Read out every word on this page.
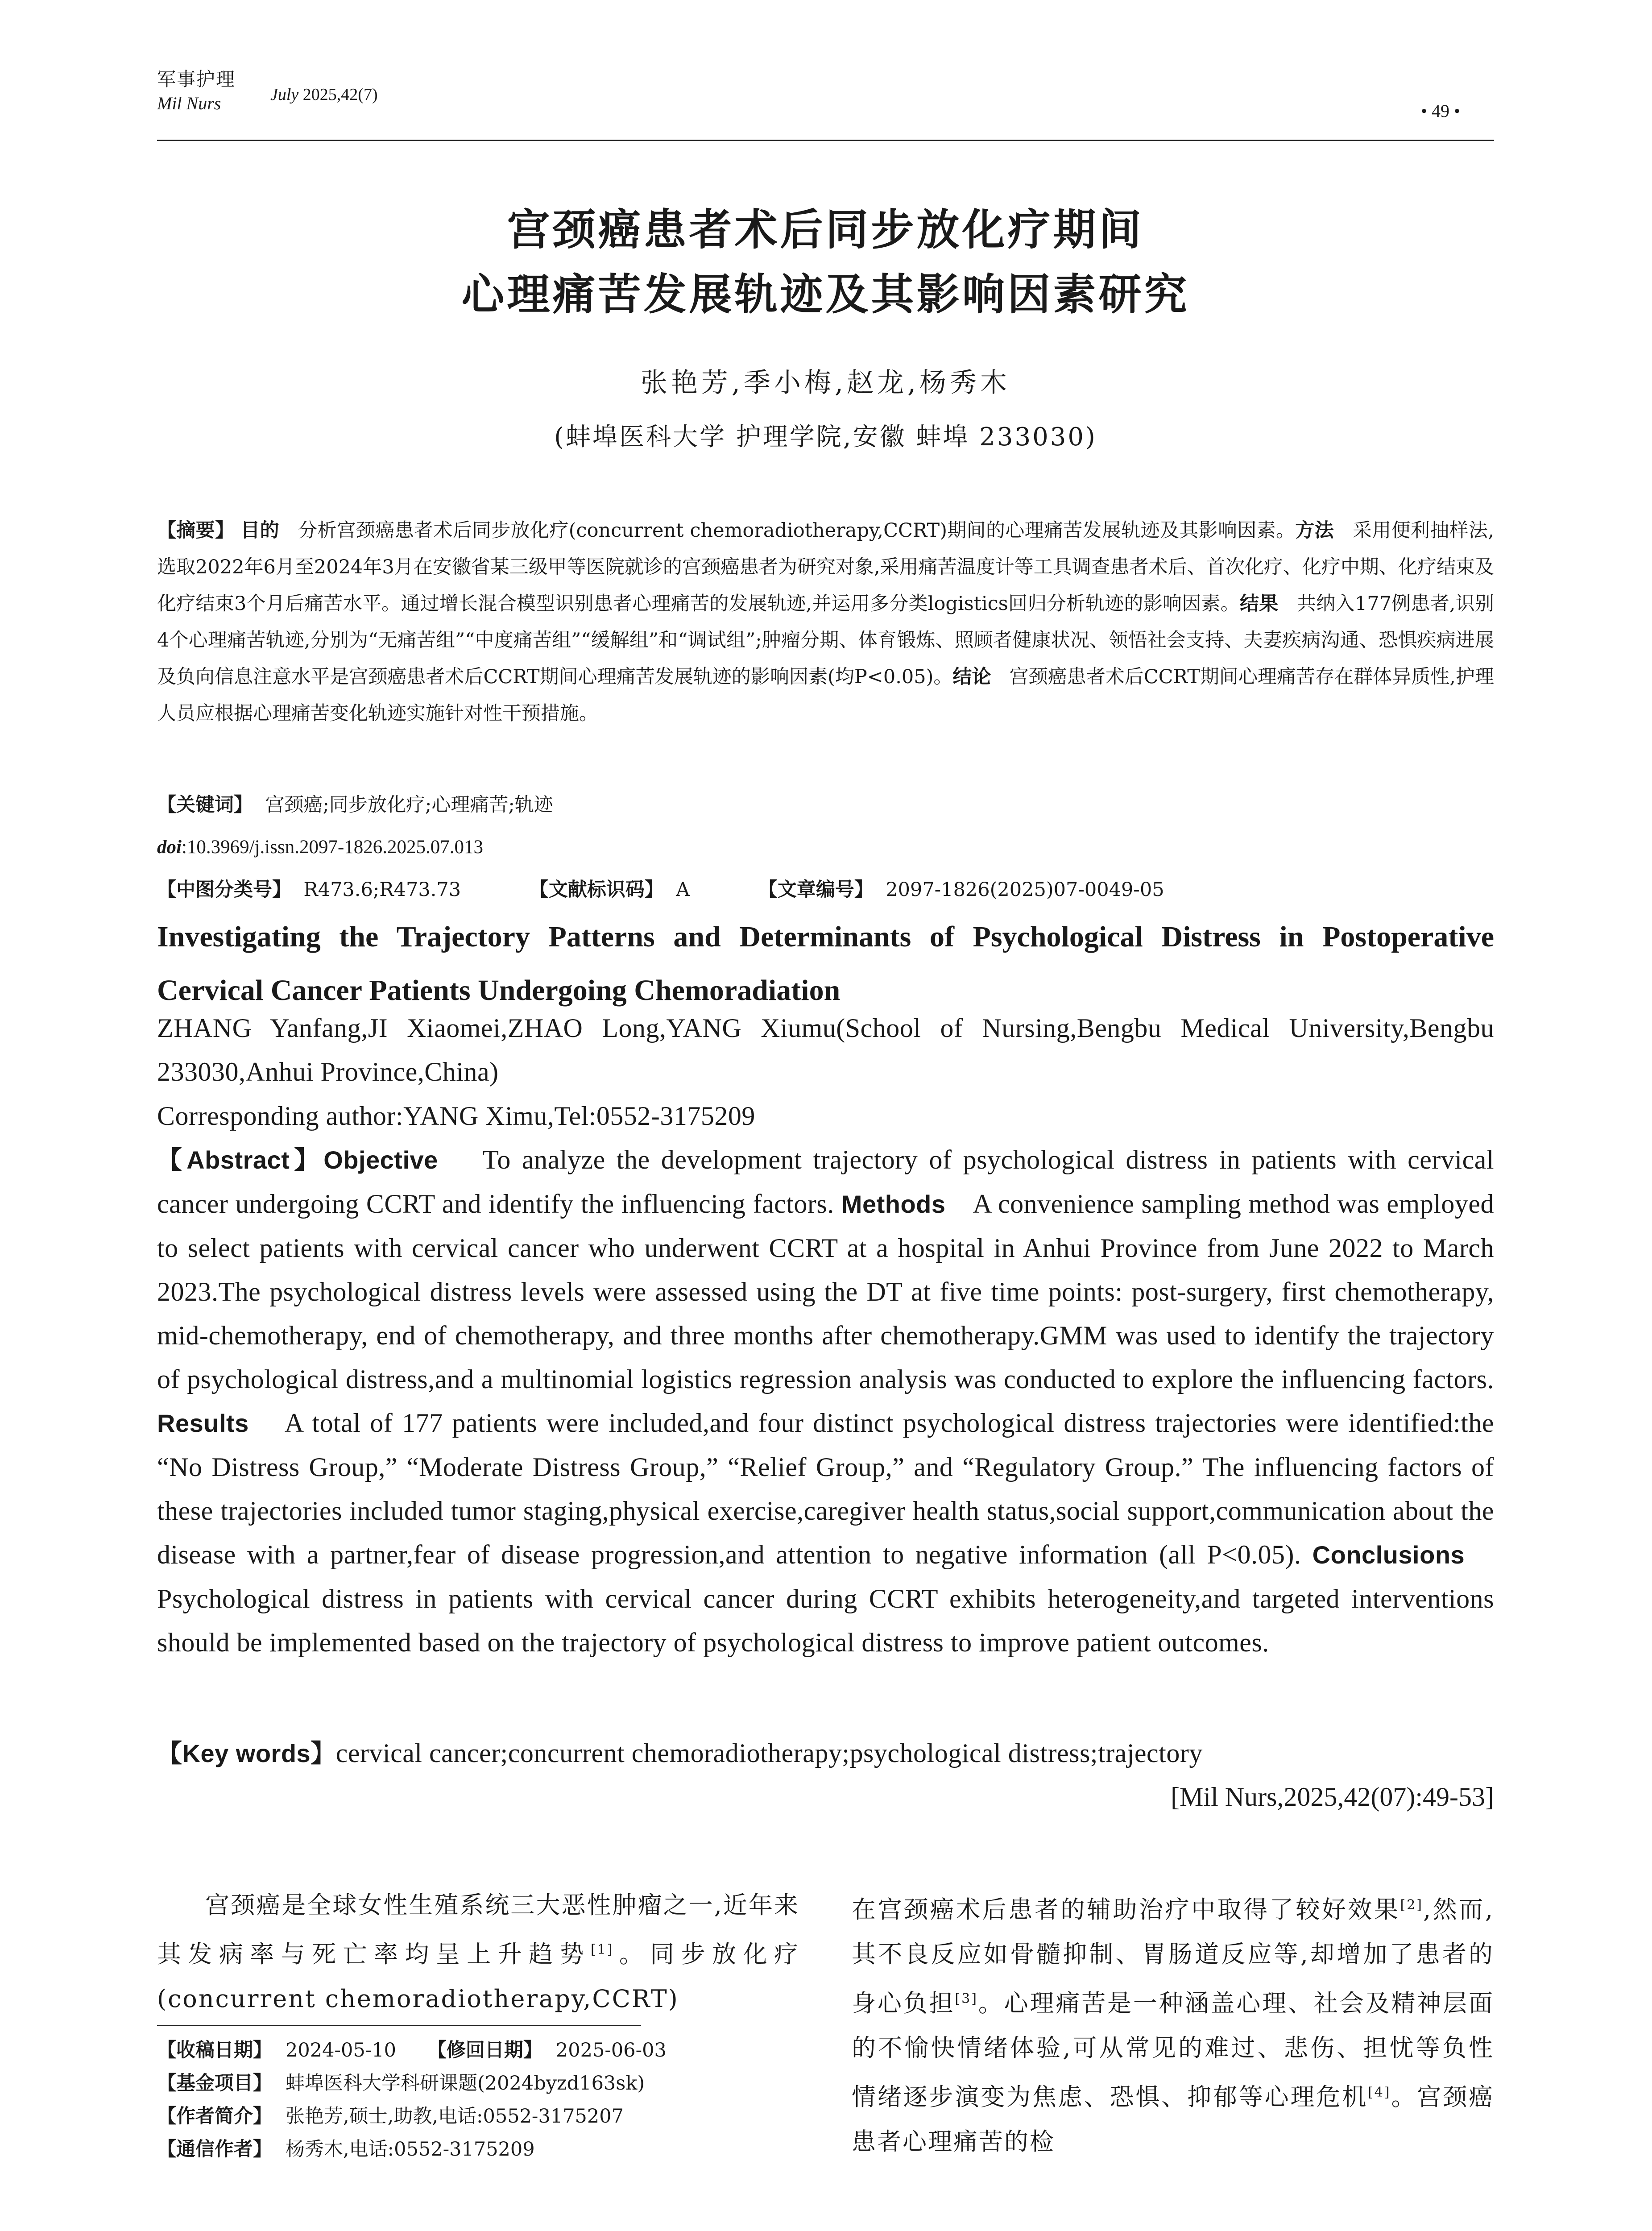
军事护理
Mil Nurs	July 2025,42(7)
• 49 •
宫颈癌患者术后同步放化疗期间
心理痛苦发展轨迹及其影响因素研究
张艳芳,季小梅,赵龙,杨秀木
(蚌埠医科大学 护理学院,安徽 蚌埠 233030)
【摘要】 目的 分析宫颈癌患者术后同步放化疗(concurrent chemoradiotherapy,CCRT)期间的心理痛苦发展轨迹及其影响因素。方法 采用便利抽样法,选取2022年6月至2024年3月在安徽省某三级甲等医院就诊的宫颈癌患者为研究对象,采用痛苦温度计等工具调查患者术后、首次化疗、化疗中期、化疗结束及化疗结束3个月后痛苦水平。通过增长混合模型识别患者心理痛苦的发展轨迹,并运用多分类logistics回归分析轨迹的影响因素。结果 共纳入177例患者,识别4个心理痛苦轨迹,分别为“无痛苦组”“中度痛苦组”“缓解组”和“调试组”;肿瘤分期、体育锻炼、照顾者健康状况、领悟社会支持、夫妻疾病沟通、恐惧疾病进展及负向信息注意水平是宫颈癌患者术后CCRT期间心理痛苦发展轨迹的影响因素(均P<0.05)。结论 宫颈癌患者术后CCRT期间心理痛苦存在群体异质性,护理人员应根据心理痛苦变化轨迹实施针对性干预措施。
【关键词】 宫颈癌;同步放化疗;心理痛苦;轨迹
doi:10.3969/j.issn.2097-1826.2025.07.013
【中图分类号】 R473.6;R473.73	【文献标识码】 A	【文章编号】 2097-1826(2025)07-0049-05
Investigating the Trajectory Patterns and Determinants of Psychological Distress in Postoperative Cervical Cancer Patients Undergoing Chemoradiation
ZHANG Yanfang,JI Xiaomei,ZHAO Long,YANG Xiumu(School of Nursing,Bengbu Medical University,Bengbu 233030,Anhui Province,China)
Corresponding author:YANG Ximu,Tel:0552-3175209
【Abstract】Objective To analyze the development trajectory of psychological distress in patients with cervical cancer undergoing CCRT and identify the influencing factors. Methods A convenience sampling method was employed to select patients with cervical cancer who underwent CCRT at a hospital in Anhui Province from June 2022 to March 2023.The psychological distress levels were assessed using the DT at five time points: post-surgery, first chemotherapy, mid-chemotherapy, end of chemotherapy, and three months after chemotherapy.GMM was used to identify the trajectory of psychological distress,and a multinomial logistics regression analysis was conducted to explore the influencing factors. Results A total of 177 patients were included,and four distinct psychological distress trajectories were identified:the “No Distress Group,” “Moderate Distress Group,” “Relief Group,” and “Regulatory Group.” The influencing factors of these trajectories included tumor staging,physical exercise,caregiver health status,social support,communication about the disease with a partner,fear of disease progression,and attention to negative information (all P<0.05). Conclusions    Psychological distress in patients with cervical cancer during CCRT exhibits heterogeneity,and targeted interventions should be implemented based on the trajectory of psychological distress to improve patient outcomes.
【Key words】cervical cancer;concurrent chemoradiotherapy;psychological distress;trajectory
[Mil Nurs,2025,42(07):49-53]
宫颈癌是全球女性生殖系统三大恶性肿瘤之一,近年来其发病率与死亡率均呈上升趋势[1]。同步放化疗(concurrent chemoradiotherapy,CCRT)
在宫颈癌术后患者的辅助治疗中取得了较好效果[2],然而,其不良反应如骨髓抑制、胃肠道反应等,却增加了患者的身心负担[3]。心理痛苦是一种涵盖心理、社会及精神层面的不愉快情绪体验,可从常见的难过、悲伤、担忧等负性情绪逐步演变为焦虑、恐惧、抑郁等心理危机[4]。宫颈癌患者心理痛苦的检
【收稿日期】 2024-05-10 【修回日期】 2025-06-03
【基金项目】 蚌埠医科大学科研课题(2024byzd163sk)
【作者简介】 张艳芳,硕士,助教,电话:0552-3175207
【通信作者】 杨秀木,电话:0552-3175209
